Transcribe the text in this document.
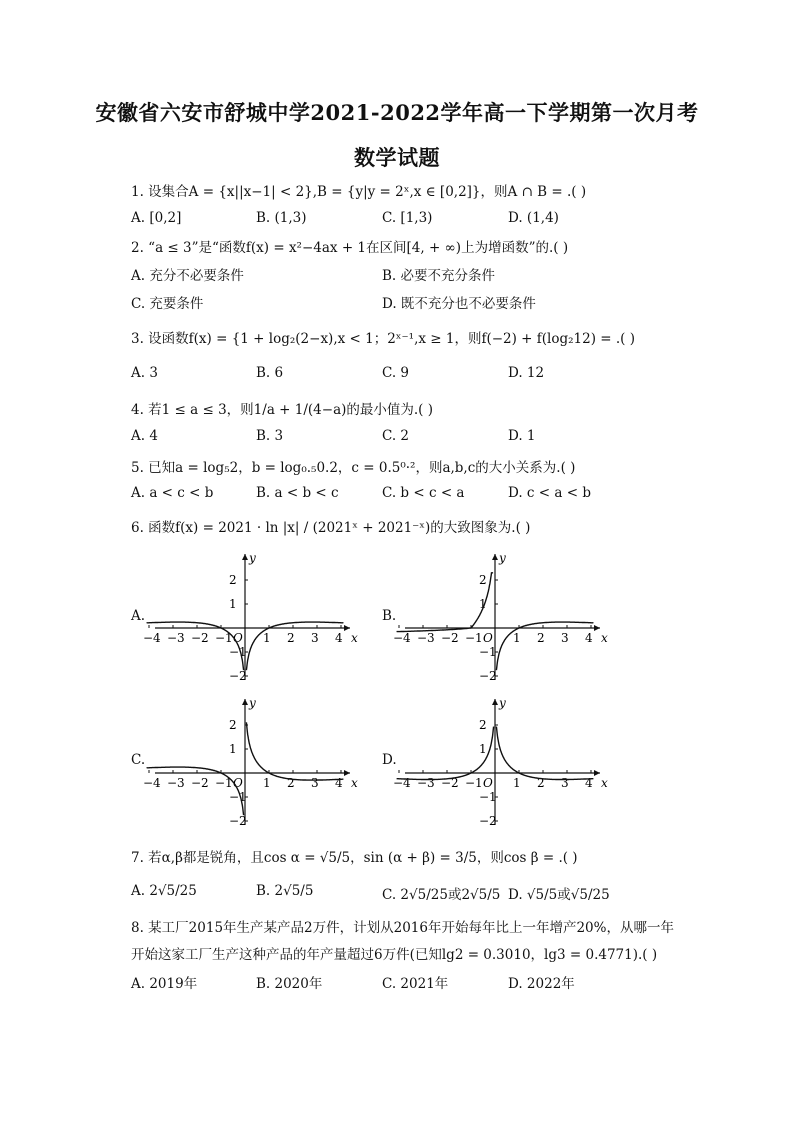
安徽省六安市舒城中学2021-2022学年高一下学期第一次月考
数学试题
1. 设集合A = {x||x−1| < 2},B = {y|y = 2ˣ,x ∈ [0,2]}，则A ∩ B = .( )
A. [0,2]	B. (1,3)	C. [1,3)	D. (1,4)
2. “a ≤ 3”是“函数f(x) = x²−4ax + 1在区间[4, + ∞)上为增函数”的.( )
A. 充分不必要条件	B. 必要不充分条件
C. 充要条件	D. 既不充分也不必要条件
3. 设函数f(x) = {1 + log₂(2−x),x < 1；2ˣ⁻¹,x ≥ 1，则f(−2) + f(log₂12) = .( )
A. 3	B. 6	C. 9	D. 12
4. 若1 ≤ a ≤ 3，则1/a + 1/(4−a)的最小值为.( )
A. 4	B. 3	C. 2	D. 1
5. 已知a = log₅2，b = log₀.₅0.2，c = 0.5⁰·²，则a,b,c的大小关系为.( )
A. a < c < b	B. a < b < c	C. b < c < a	D. c < a < b
6. 函数f(x) = 2021 · ln |x| / (2021ˣ + 2021⁻ˣ)的大致图象为.( )
A.	B.
C.	D.
x
y
−4 −3 −2 −1 O 1 2 3 4
2
1
−1
−2
x
y
−4 −3 −2 −1 O 1 2 3 4
2
1
−1
−2
x
y
−4 −3 −2 −1 O 1 2 3 4
2
1
−1
−2
x
y
−4 −3 −2 −1 O 1 2 3 4
2
1
−1
−2
7. 若α,β都是锐角，且cos α = √5/5，sin (α + β) = 3/5，则cos β = .( )
A. 2√5/25	B. 2√5/5	C. 2√5/25或2√5/5 D. √5/5或√5/25
8. 某工厂2015年生产某产品2万件，计划从2016年开始每年比上一年增产20%，从哪一年
开始这家工厂生产这种产品的年产量超过6万件(已知lg2 = 0.3010，lg3 = 0.4771).( )
A. 2019年	B. 2020年	C. 2021年	D. 2022年
